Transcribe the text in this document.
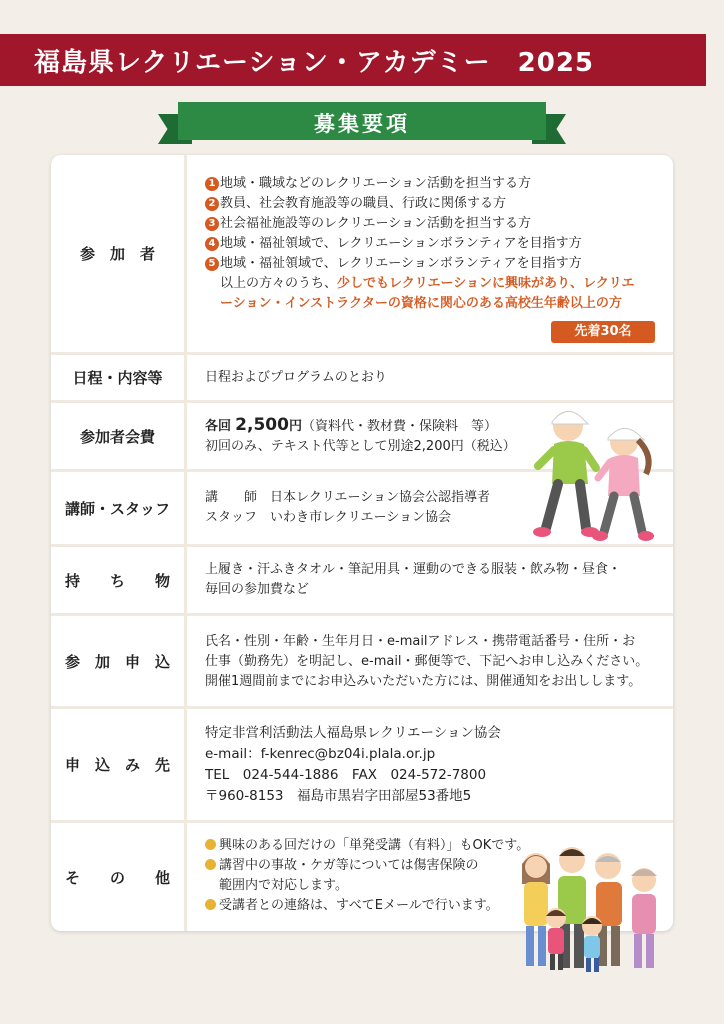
福島県レクリエーション・アカデミー　2025
募集要項
参　加　者
1 地域・職域などのレクリエーション活動を担当する方
2 教員、社会教育施設等の職員、行政に関係する方
3 社会福祉施設等のレクリエーション活動を担当する方
4 地域・福祉領域で、レクリエーションボランティアを目指す方
5 地域・福祉領域で、レクリエーションボランティアを目指す方
以上の方々のうち、少しでもレクリエーションに興味があり、レクリエ
ーション・インストラクターの資格に関心のある高校生年齢以上の方
先着30名
日程・内容等	日程およびプログラムのとおり
参加者会費
各回 2,500円（資料代・教材費・保険料　等）
初回のみ、テキスト代等として別途2,200円（税込）
講師・スタッフ
講　　師　日本レクリエーション協会公認指導者
スタッフ　いわき市レクリエーション協会
持　　ち　　物
上履き・汗ふきタオル・筆記用具・運動のできる服装・飲み物・昼食・
毎回の参加費など
参　加　申　込
氏名・性別・年齢・生年月日・e-mailアドレス・携帯電話番号・住所・お
仕事（勤務先）を明記し、e-mail・郵便等で、下記へお申し込みください。
開催1週間前までにお申込みいただいた方には、開催通知をお出しします。
申　込　み　先
特定非営利活動法人福島県レクリエーション協会
e-mail：f-kenrec@bz04i.plala.or.jp
TEL　024-544-1886　FAX　024-572-7800
〒960-8153　福島市黒岩字田部屋53番地5
そ　　の　　他
興味のある回だけの「単発受講（有料）」もOKです。
講習中の事故・ケガ等については傷害保険の
範囲内で対応します。
受講者との連絡は、すべてEメールで行います。
